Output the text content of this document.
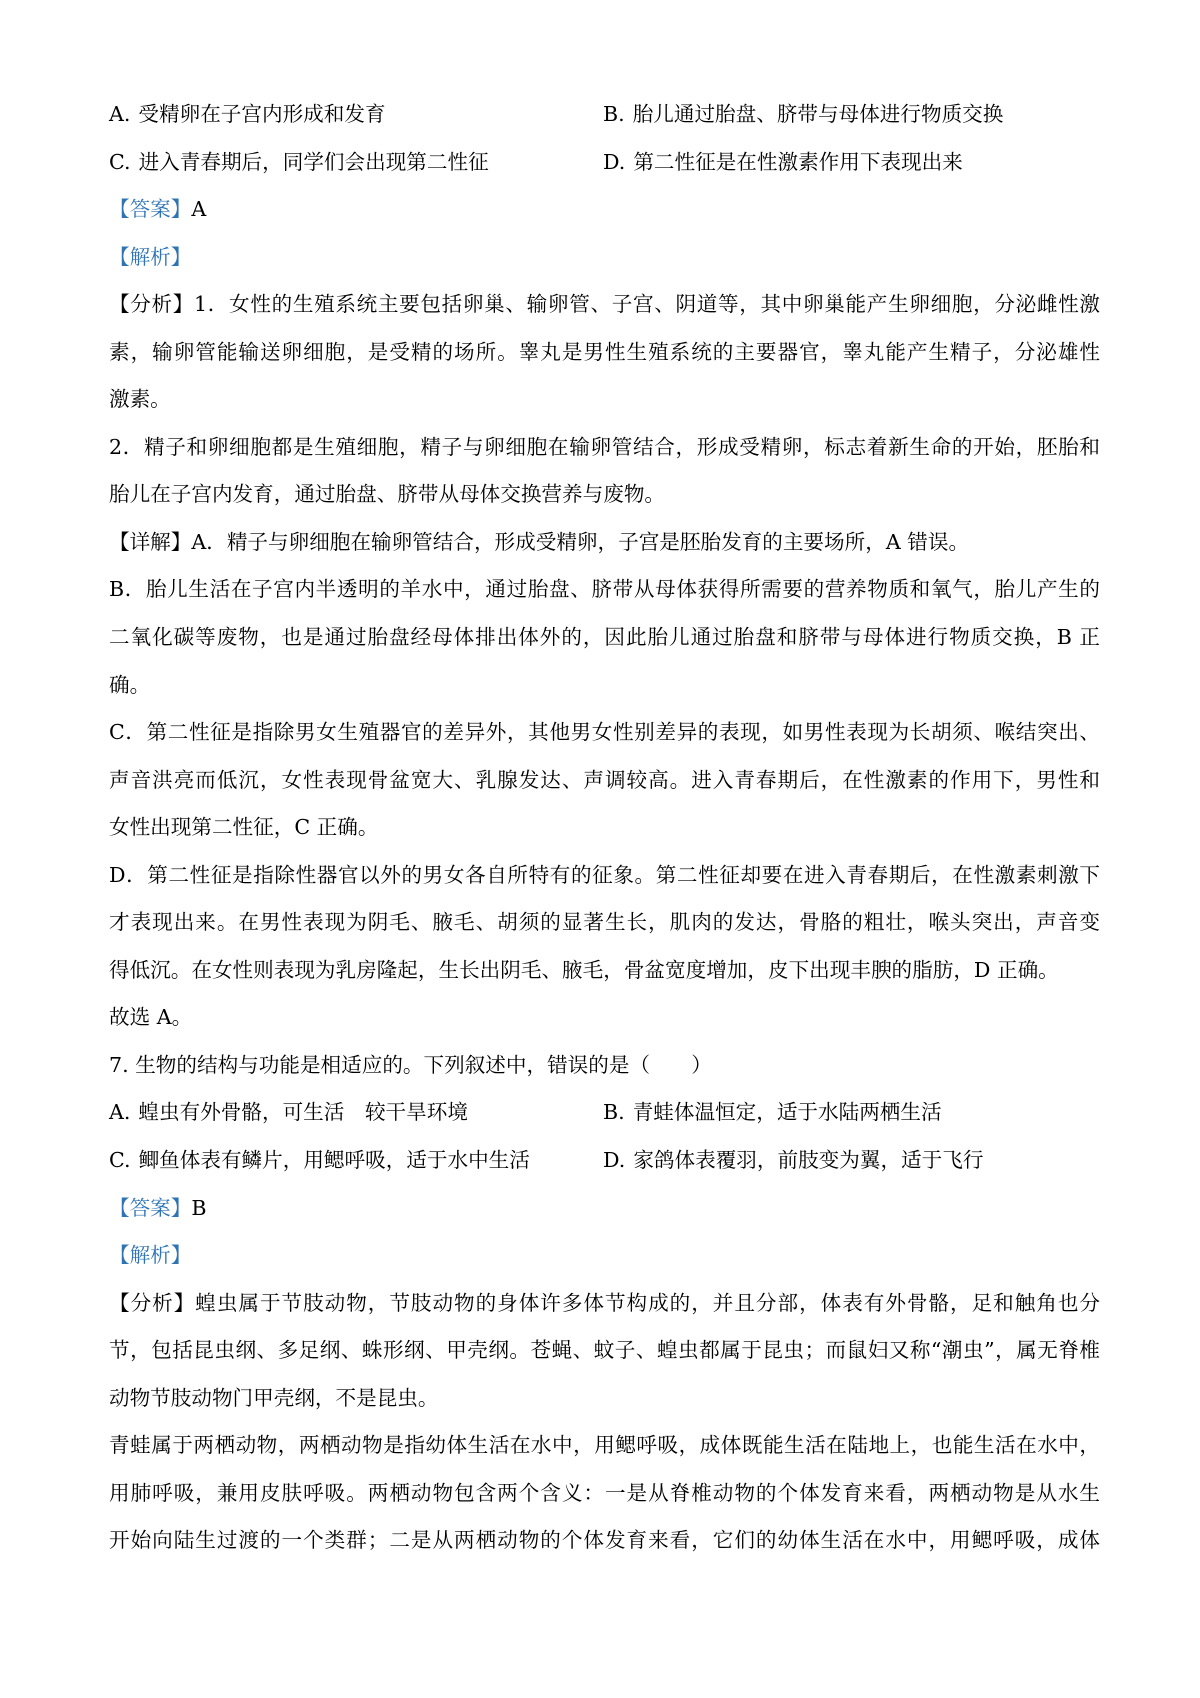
A. 受精卵在子宫内形成和发育	B. 胎儿通过胎盘、脐带与母体进行物质交换
C. 进入青春期后，同学们会出现第二性征	D. 第二性征是在性激素作用下表现出来
【答案】A
【解析】
【分析】1．女性的生殖系统主要包括卵巢、输卵管、子宫、阴道等，其中卵巢能产生卵细胞，分泌雌性激
素，输卵管能输送卵细胞，是受精的场所。睾丸是男性生殖系统的主要器官，睾丸能产生精子，分泌雄性
激素。
2．精子和卵细胞都是生殖细胞，精子与卵细胞在输卵管结合，形成受精卵，标志着新生命的开始，胚胎和
胎儿在子宫内发育，通过胎盘、脐带从母体交换营养与废物。
【详解】A．精子与卵细胞在输卵管结合，形成受精卵，子宫是胚胎发育的主要场所，A 错误。
B．胎儿生活在子宫内半透明的羊水中，通过胎盘、脐带从母体获得所需要的营养物质和氧气，胎儿产生的
二氧化碳等废物，也是通过胎盘经母体排出体外的，因此胎儿通过胎盘和脐带与母体进行物质交换，B 正
确。
C．第二性征是指除男女生殖器官的差异外，其他男女性别差异的表现，如男性表现为长胡须、喉结突出、
声音洪亮而低沉，女性表现骨盆宽大、乳腺发达、声调较高。进入青春期后，在性激素的作用下，男性和
女性出现第二性征，C 正确。
D．第二性征是指除性器官以外的男女各自所特有的征象。第二性征却要在进入青春期后，在性激素刺激下
才表现出来。在男性表现为阴毛、腋毛、胡须的显著生长，肌肉的发达，骨胳的粗壮，喉头突出，声音变
得低沉。在女性则表现为乳房隆起，生长出阴毛、腋毛，骨盆宽度增加，皮下出现丰腴的脂肪，D 正确。
故选 A。
7. 生物的结构与功能是相适应的。下列叙述中，错误的是（　　）
A. 蝗虫有外骨骼，可生活　较干旱环境	B. 青蛙体温恒定，适于水陆两栖生活
C. 鲫鱼体表有鳞片，用鳃呼吸，适于水中生活	D. 家鸽体表覆羽，前肢变为翼，适于飞行
【答案】B
【解析】
【分析】蝗虫属于节肢动物，节肢动物的身体许多体节构成的，并且分部，体表有外骨骼，足和触角也分
节，包括昆虫纲、多足纲、蛛形纲、甲壳纲。苍蝇、蚊子、蝗虫都属于昆虫；而鼠妇又称“潮虫”，属无脊椎
动物节肢动物门甲壳纲，不是昆虫。
青蛙属于两栖动物，两栖动物是指幼体生活在水中，用鳃呼吸，成体既能生活在陆地上，也能生活在水中，
用肺呼吸，兼用皮肤呼吸。两栖动物包含两个含义：一是从脊椎动物的个体发育来看，两栖动物是从水生
开始向陆生过渡的一个类群；二是从两栖动物的个体发育来看，它们的幼体生活在水中，用鳃呼吸，成体
